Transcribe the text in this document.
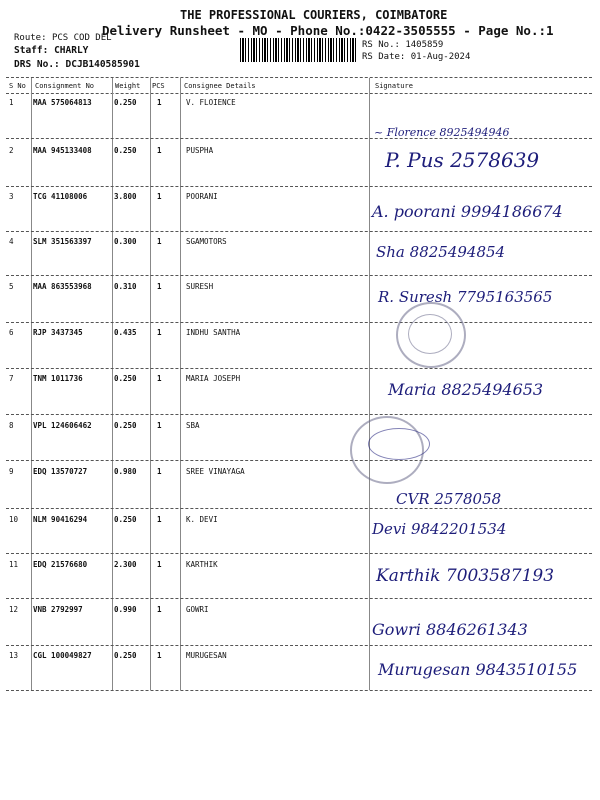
THE PROFESSIONAL COURIERS, COIMBATORE
Delivery Runsheet - MO - Phone No.:0422-3505555 - Page No.:1
Route: PCS COD DEL
Staff: CHARLY
DRS No.: DCJB140585901
RS No.: 1405859
RS Date: 01-Aug-2024
S No Consignment No	Weight PCS	Consignee Details	Signature
1	MAA 575064813	0.250	1	V. FLOIENCE
~ Florence 8925494946
2	MAA 945133408	0.250	1	PUSPHA	P. Pus 2578639
3	TCG 41108006	3.800	1	POORANI
A. poorani 9994186674
4	SLM 351563397	0.300	1	SGAMOTORS
Sha 8825494854
5	MAA 863553968	0.310	1	SURESH
R. Suresh 7795163565
6	RJP 3437345	0.435	1	INDHU SANTHA
7	TNM 1011736	0.250	1	MARIA JOSEPH
Maria 8825494653
8	VPL 124606462	0.250	1	SBA
9	EDQ 13570727	0.980	1	SREE VINAYAGA
CVR 2578058
10 NLM 90416294	0.250	1	K. DEVI
Devi 9842201534
11 EDQ 21576680	2.300	1	KARTHIK
Karthik 7003587193
12 VNB 2792997	0.990	1	GOWRI
Gowri 8846261343
13 CGL 100049827	0.250	1	MURUGESAN
Murugesan 9843510155
